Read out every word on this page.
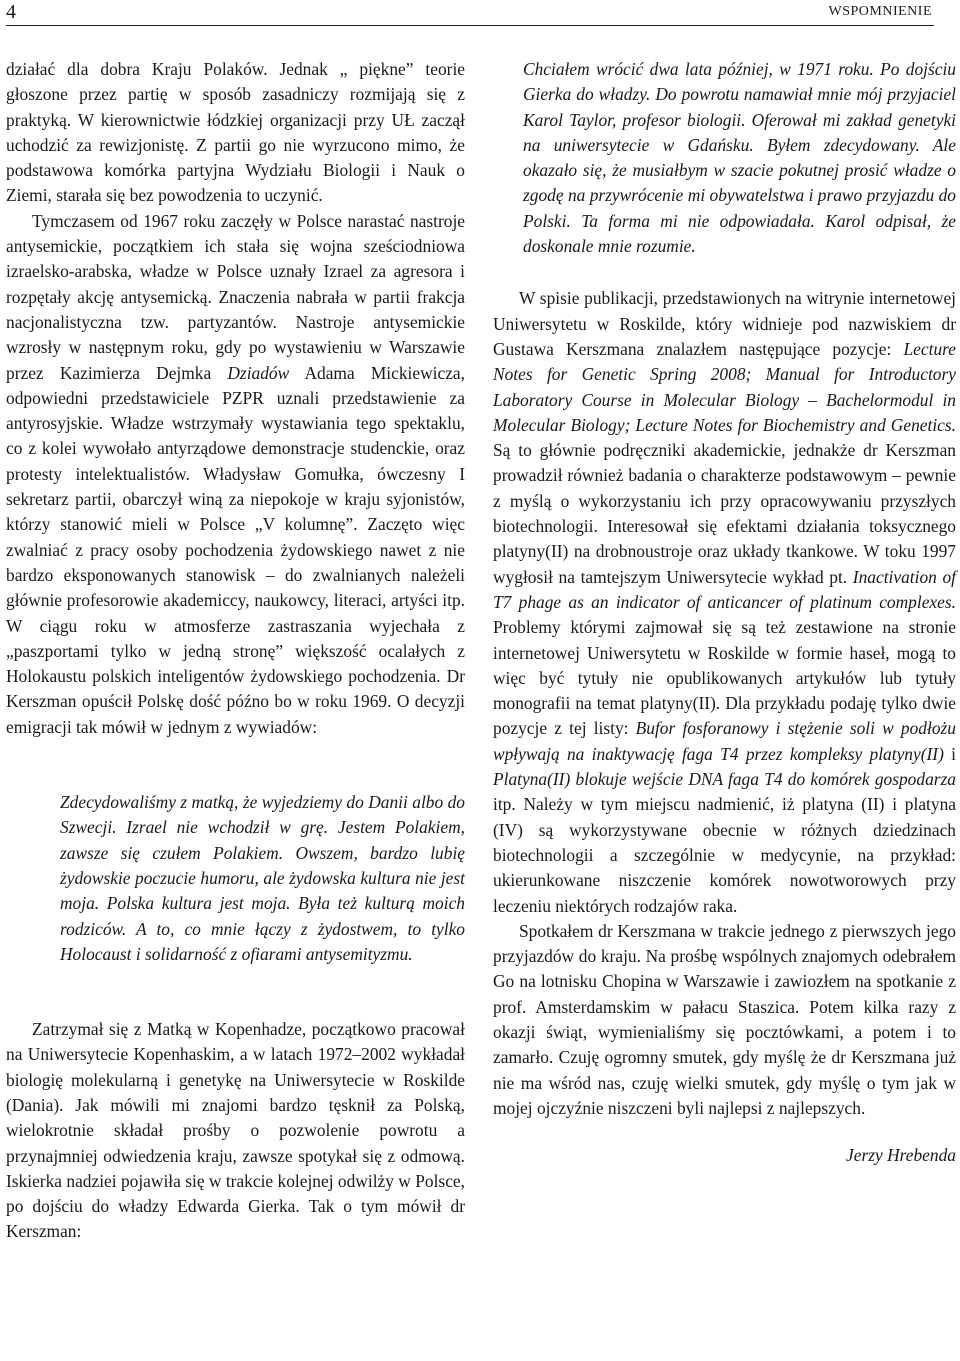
4	WSPOMNIENIE

działać dla dobra Kraju Polaków. Jednak „ piękne” teorie głoszone przez partię w sposób zasadniczy rozmijają się z praktyką. W kierownictwie łódzkiej organizacji przy UŁ zaczął uchodzić za rewizjonistę. Z partii go nie wyrzucono mimo, że podstawowa komórka partyjna Wydziału Biologii i Nauk o Ziemi, starała się bez powodzenia to uczynić.

Tymczasem od 1967 roku zaczęły w Polsce narastać nastroje antysemickie, początkiem ich stała się wojna sześciodniowa izraelsko-arabska, władze w Polsce uznały Izrael za agresora i rozpętały akcję antysemicką. Znaczenia nabrała w partii frakcja nacjonalistyczna tzw. partyzantów. Nastroje antysemickie wzrosły w następnym roku, gdy po wystawieniu w Warszawie przez Kazimierza Dejmka Dziadów Adama Mickiewicza, odpowiedni przedstawiciele PZPR uznali przedstawienie za antyrosyjskie. Władze wstrzymały wystawiania tego spektaklu, co z kolei wywołało antyrządowe demonstracje studenckie, oraz protesty intelektualistów. Władysław Gomułka, ówczesny I sekretarz partii, obarczył winą za niepokoje w kraju syjonistów, którzy stanowić mieli w Polsce „V kolumnę”. Zaczęto więc zwalniać z pracy osoby pochodzenia żydowskiego nawet z nie bardzo eksponowanych stanowisk – do zwalnianych należeli głównie profesorowie akademiccy, naukowcy, literaci, artyści itp. W ciągu roku w atmosferze zastraszania wyjechała z „paszportami tylko w jedną stronę” większość ocalałych z Holokaustu polskich inteligentów żydowskiego pochodzenia. Dr Kerszman opuścił Polskę dość późno bo w roku 1969. O decyzji emigracji tak mówił w jednym z wywiadów:

Zdecydowaliśmy z matką, że wyjedziemy do Danii albo do Szwecji. Izrael nie wchodził w grę. Jestem Polakiem, zawsze się czułem Polakiem. Owszem, bardzo lubię żydowskie poczucie humoru, ale żydowska kultura nie jest moja. Polska kultura jest moja. Była też kulturą moich rodziców. A to, co mnie łączy z żydostwem, to tylko Holocaust i solidarność z ofiarami antysemityzmu.

Zatrzymał się z Matką w Kopenhadze, początkowo pracował na Uniwersytecie Kopenhaskim, a w latach 1972–2002 wykładał biologię molekularną i genetykę na Uniwersytecie w Roskilde (Dania). Jak mówili mi znajomi bardzo tęsknił za Polską, wielokrotnie składał prośby o pozwolenie powrotu a przynajmniej odwiedzenia kraju, zawsze spotykał się z odmową. Iskierka nadziei pojawiła się w trakcie kolejnej odwilży w Polsce, po dojściu do władzy Edwarda Gierka. Tak o tym mówił dr Kerszman:

Chciałem wrócić dwa lata później, w 1971 roku. Po dojściu Gierka do władzy. Do powrotu namawiał mnie mój przyjaciel Karol Taylor, profesor biologii. Oferował mi zakład genetyki na uniwersytecie w Gdańsku. Byłem zdecydowany. Ale okazało się, że musiałbym w szacie pokutnej prosić władze o zgodę na przywrócenie mi obywatelstwa i prawo przyjazdu do Polski. Ta forma mi nie odpowiadała. Karol odpisał, że doskonale mnie rozumie.

W spisie publikacji, przedstawionych na witrynie internetowej Uniwersytetu w Roskilde, który widnieje pod nazwiskiem dr Gustawa Kerszmana znalazłem następujące pozycje: Lecture Notes for Genetic Spring 2008; Manual for Introductory Laboratory Course in Molecular Biology – Bachelormodul in Molecular Biology; Lecture Notes for Biochemistry and Genetics. Są to głównie podręczniki akademickie, jednakże dr Kerszman prowadził również badania o charakterze podstawowym – pewnie z myślą o wykorzystaniu ich przy opracowywaniu przyszłych biotechnologii. Interesował się efektami działania toksycznego platyny(II) na drobnoustroje oraz układy tkankowe. W toku 1997 wygłosił na tamtejszym Uniwersytecie wykład pt. Inactivation of T7 phage as an indicator of anticancer of platinum complexes. Problemy którymi zajmował się są też zestawione na stronie internetowej Uniwersytetu w Roskilde w formie haseł, mogą to więc być tytuły nie opublikowanych artykułów lub tytuły monografii na temat platyny(II). Dla przykładu podaję tylko dwie pozycje z tej listy: Bufor fosforanowy i stężenie soli w podłożu wpływają na inaktywację faga T4 przez kompleksy platyny(II) i Platyna(II) blokuje wejście DNA faga T4 do komórek gospodarza itp. Należy w tym miejscu nadmienić, iż platyna (II) i platyna (IV) są wykorzystywane obecnie w różnych dziedzinach biotechnologii a szczególnie w medycynie, na przykład: ukierunkowane niszczenie komórek nowotworowych przy leczeniu niektórych rodzajów raka.

Spotkałem dr Kerszmana w trakcie jednego z pierwszych jego przyjazdów do kraju. Na prośbę wspólnych znajomych odebrałem Go na lotnisku Chopina w Warszawie i zawiozłem na spotkanie z prof. Amsterdamskim w pałacu Staszica. Potem kilka razy z okazji świąt, wymienialiśmy się pocztówkami, a potem i to zamarło. Czuję ogromny smutek, gdy myślę że dr Kerszmana już nie ma wśród nas, czuję wielki smutek, gdy myślę o tym jak w mojej ojczyźnie niszczeni byli najlepsi z najlepszych.

Jerzy Hrebenda
